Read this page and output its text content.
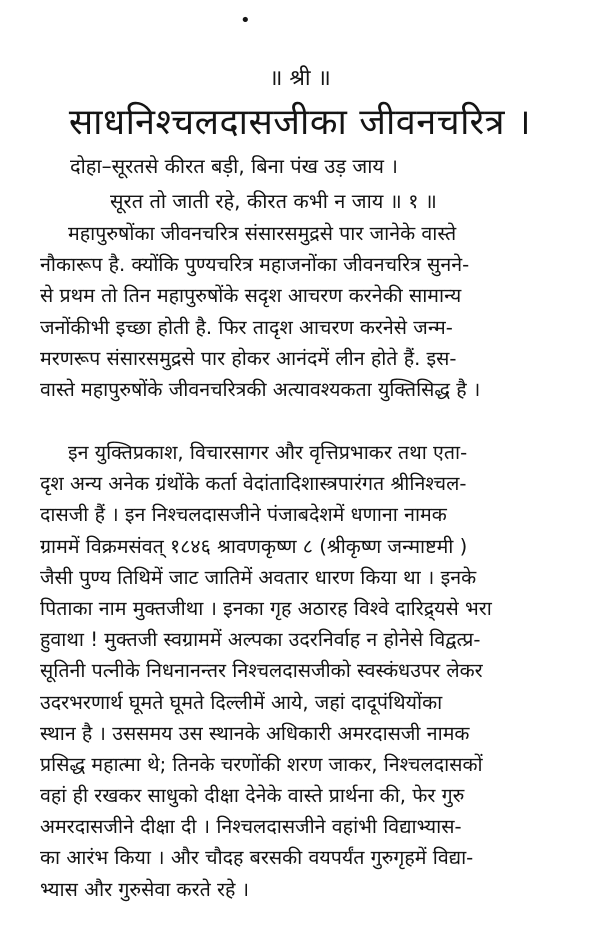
•
॥ श्री ॥
साधनिश्चलदासजीका जीवनचरित्र ।
दोहा–सूरतसे कीरत बड़ी, बिना पंख उड़ जाय ।
सूरत तो जाती रहे, कीरत कभी न जाय ॥ १ ॥
महापुरुषोंका जीवनचरित्र संसारसमुद्रसे पार जानेके वास्ते
नौकारूप है. क्योंकि पुण्यचरित्र महाजनोंका जीवनचरित्र सुनने-
से प्रथम तो तिन महापुरुषोंके सदृश आचरण करनेकी सामान्य
जनोंकीभी इच्छा होती है. फिर तादृश आचरण करनेसे जन्म-
मरणरूप संसारसमुद्रसे पार होकर आनंदमें लीन होते हैं. इस-
वास्ते महापुरुषोंके जीवनचरित्रकी अत्यावश्यकता युक्तिसिद्ध है ।
इन युक्तिप्रकाश, विचारसागर और वृत्तिप्रभाकर तथा एता-
दृश अन्य अनेक ग्रंथोंके कर्ता वेदांतादिशास्त्रपारंगत श्रीनिश्चल-
दासजी हैं । इन निश्चलदासजीने पंजाबदेशमें धणाना नामक
ग्राममें विक्रमसंवत् १८४६ श्रावणकृष्ण ८ (श्रीकृष्ण जन्माष्टमी )
जैसी पुण्य तिथिमें जाट जातिमें अवतार धारण किया था । इनके
पिताका नाम मुक्तजीथा । इनका गृह अठारह विश्वे दारिद्र्यसे भरा
हुवाथा ! मुक्तजी स्वग्राममें अल्पका उदरनिर्वाह न होनेसे विद्वत्प्र-
सूतिनी पत्नीके निधनानन्तर निश्चलदासजीको स्वस्कंधउपर लेकर
उदरभरणार्थ घूमते घूमते दिल्लीमें आये, जहां दादूपंथियोंका
स्थान है । उससमय उस स्थानके अधिकारी अमरदासजी नामक
प्रसिद्ध महात्मा थे; तिनके चरणोंकी शरण जाकर, निश्चलदासकों
वहां ही रखकर साधुको दीक्षा देनेके वास्ते प्रार्थना की, फेर गुरु
अमरदासजीने दीक्षा दी । निश्चलदासजीने वहांभी विद्याभ्यास-
का आरंभ किया । और चौदह बरसकी वयपर्यंत गुरुगृहमें विद्या-
भ्यास और गुरुसेवा करते रहे ।
